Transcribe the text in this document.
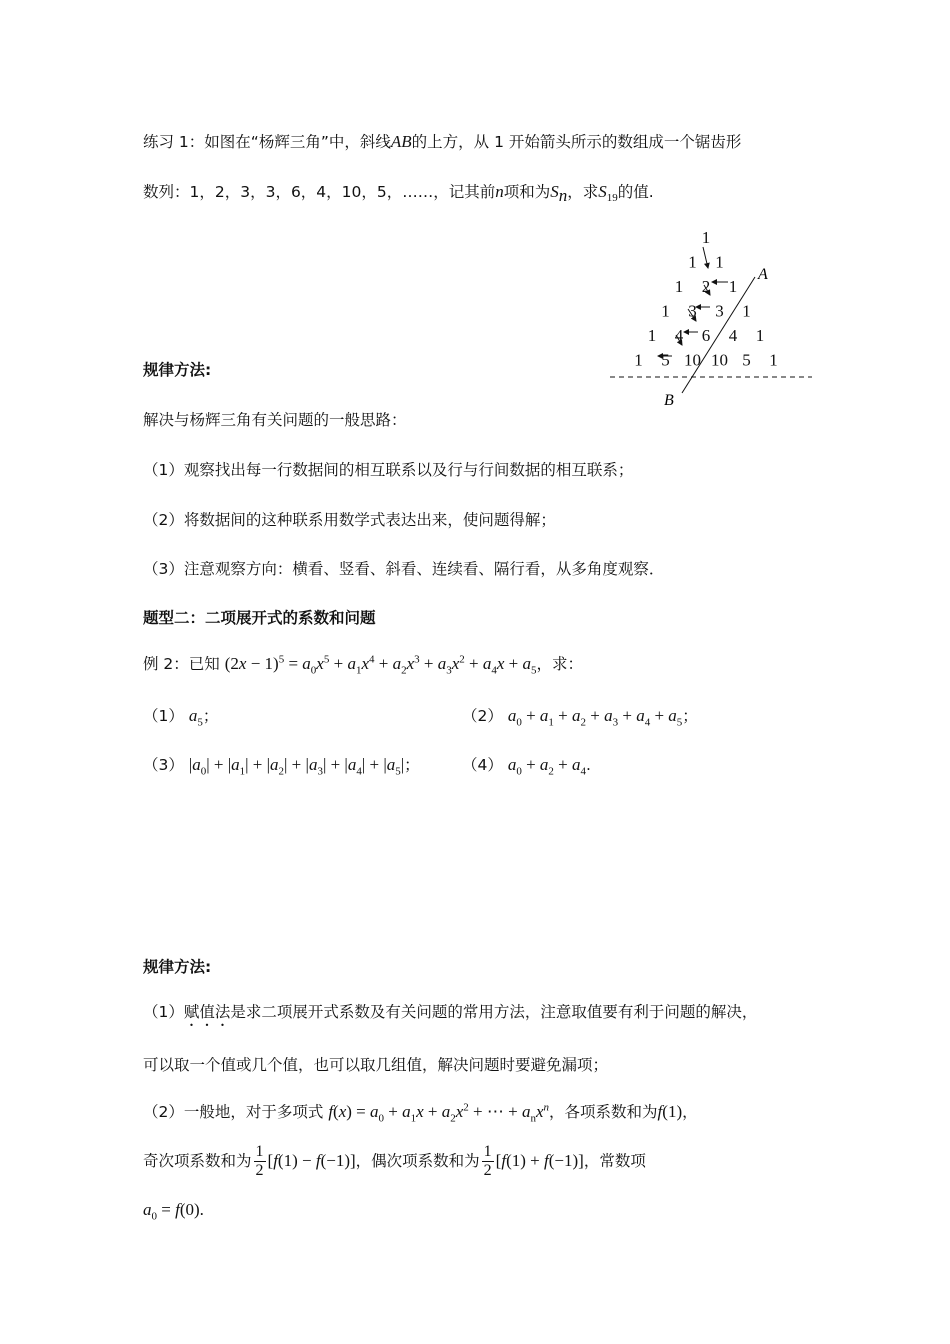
练习 1：如图在“杨辉三角”中，斜线AB的上方，从 1 开始箭头所示的数组成一个锯齿形
数列：1，2，3，3，6，4，10，5，……，记其前n项和为$S_n$，求$S_{19}$的值.
1
1 1
1 2 1
1 3 3 1
1 4 6 4 1
1 5 10 10 5 1
A
B
规律方法:
解决与杨辉三角有关问题的一般思路：
（1）观察找出每一行数据间的相互联系以及行与行间数据的相互联系；
（2）将数据间的这种联系用数学式表达出来，使问题得解；
（3）注意观察方向：横看、竖看、斜看、连续看、隔行看，从多角度观察．
题型二：二项展开式的系数和问题
例 2：已知 $(2x - 1)^5 = a_0x^5 + a_1x^4 + a_2x^3 + a_3x^2 + a_4x + a_5$，求：
（1） $a_5$；	（2） $a_0 + a_1 + a_2 + a_3 + a_4 + a_5$；
（3） $|a_0| + |a_1| + |a_2| + |a_3| + |a_4| + |a_5|$；	（4） $a_0 + a_2 + a_4$.
规律方法:
（1）赋值法是求二项展开式系数及有关问题的常用方法，注意取值要有利于问题的解决，
可以取一个值或几个值，也可以取几组值，解决问题时要避免漏项；
（2）一般地，对于多项式 $f(x) = a_0 + a_1x + a_2x^2$ + ⋯ + $a_nx^n$，各项系数和为f(1)，
奇次项系数和为 $\frac{1}{2} [f(1) - f(-1)]$，偶次项系数和为 $\frac{1}{2} [f(1) + f(-1)]$，常数项
$a_0 = f(0)$.
